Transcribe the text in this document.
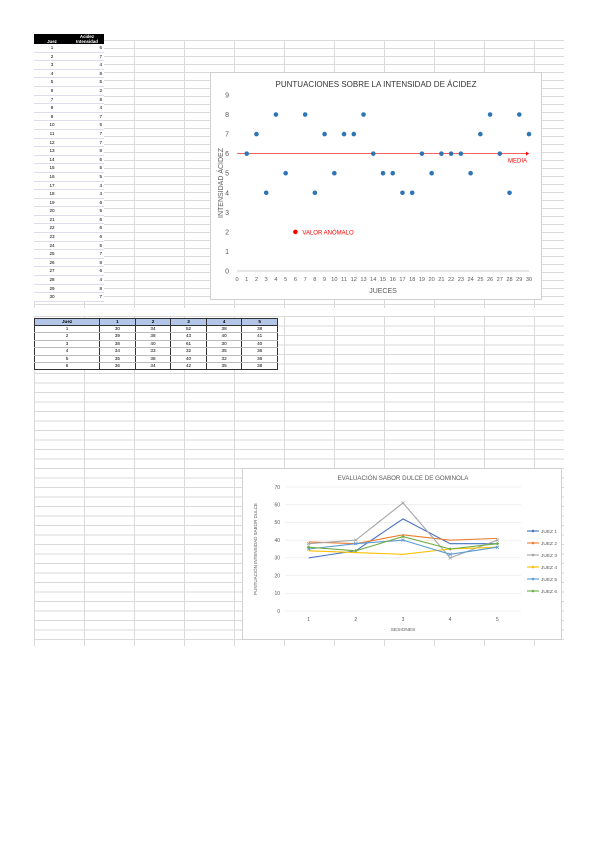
Juez	Acidez Intensidad
1	6
2	7
3	4
4	8
5	5
6	2
7	8
8	4
9	7
10	5
11	7
12	7
13	8
14	6
15	5
16	5
17	4
18	4
19	6
20	5
21	6
22	6
23	6
24	5
25	7
26	8
27	6
28	4
29	8
30	7
Juez	1	2	3	4	5
1	30	34	52	38	38
2	39	38	43	40	41
3	38	40	61	30	40
4	34	33	32	35	36
5	35	38	40	32	36
6	36	34	42	35	38
PUNTUACIONES SOBRE LA INTENSIDAD DE ÁCIDEZ
0
1
2
3
4
5
6
7
8
9
0 1 2 3 4 5 6 7 8 9 10 11 12 13 14 15 16 17 18 19 20 21 22 23 24 25 26 27 28 29 30
JUECES
INTENSIDAD ÁCIDEZ	MEDIA
VALOR ANÓMALO
EVALUACIÓN SABOR DULCE DE GOMINOLA
0
10
20
30
40
50
60
70
1	2	3	4	5
SESIONES
PUNTUACIÓN INTENSIDAD SABOR DULCE	JUEZ 1
JUEZ 2
JUEZ 3
JUEZ 4
JUEZ 5
JUEZ 6
